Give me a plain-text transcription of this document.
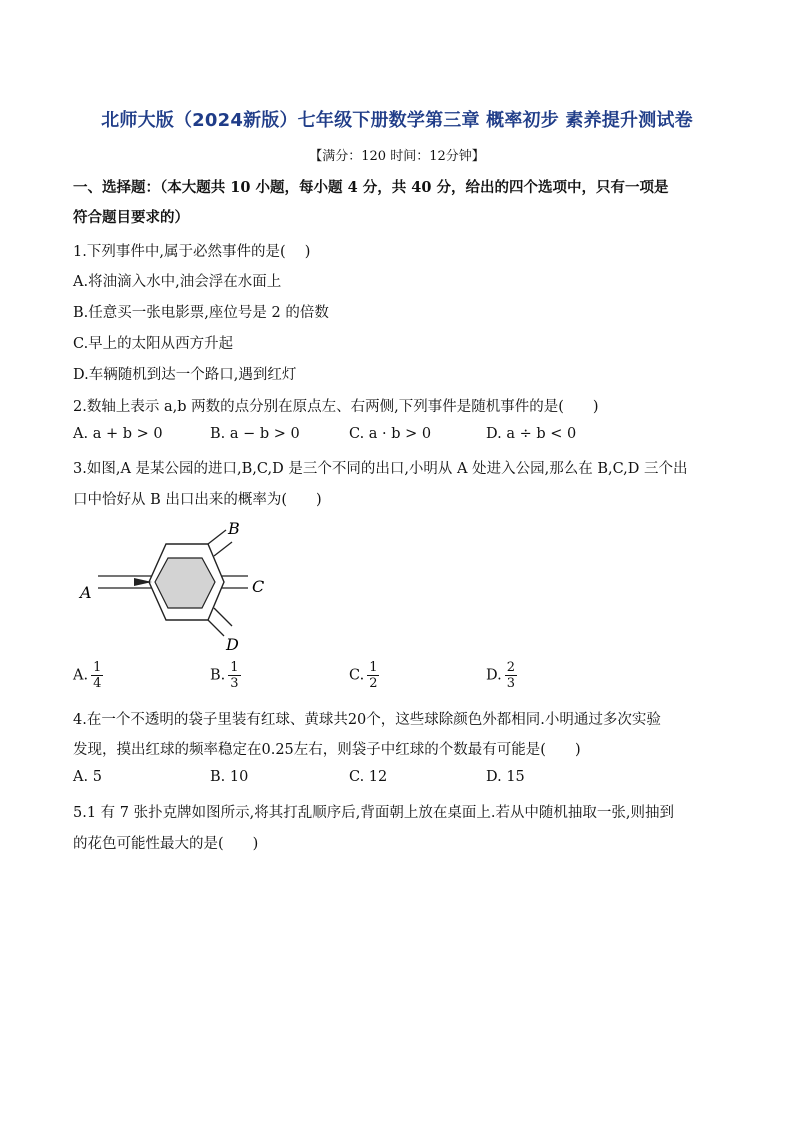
北师大版（2024新版）七年级下册数学第三章 概率初步 素养提升测试卷
【满分：120 时间：12分钟】
一、选择题：（本大题共 10 小题，每小题 4 分，共 40 分，给出的四个选项中，只有一项是
符合题目要求的）
1.下列事件中,属于必然事件的是(　 )
A.将油滴入水中,油会浮在水面上
B.任意买一张电影票,座位号是 2 的倍数
C.早上的太阳从西方升起
D.车辆随机到达一个路口,遇到红灯
2.数轴上表示 a,b 两数的点分别在原点左、右两侧,下列事件是随机事件的是(　　)
A. a + b > 0	B. a − b > 0	C. a · b > 0	D. a ÷ b < 0
3.如图,A 是某公园的进口,B,C,D 是三个不同的出口,小明从 A 处进入公园,那么在 B,C,D 三个出
口中恰好从 B 出口出来的概率为(　　)
A
B
C
D
A. $\frac{1}{4}$	B. $\frac{1}{3}$	C. $\frac{1}{2}$	D. $\frac{2}{3}$
4.在一个不透明的袋子里装有红球、黄球共20个，这些球除颜色外都相同.小明通过多次实验
发现，摸出红球的频率稳定在0.25左右，则袋子中红球的个数最有可能是(　　)
A. 5	B. 10	C. 12	D. 15
5.1 有 7 张扑克牌如图所示,将其打乱顺序后,背面朝上放在桌面上.若从中随机抽取一张,则抽到
的花色可能性最大的是(　　)
